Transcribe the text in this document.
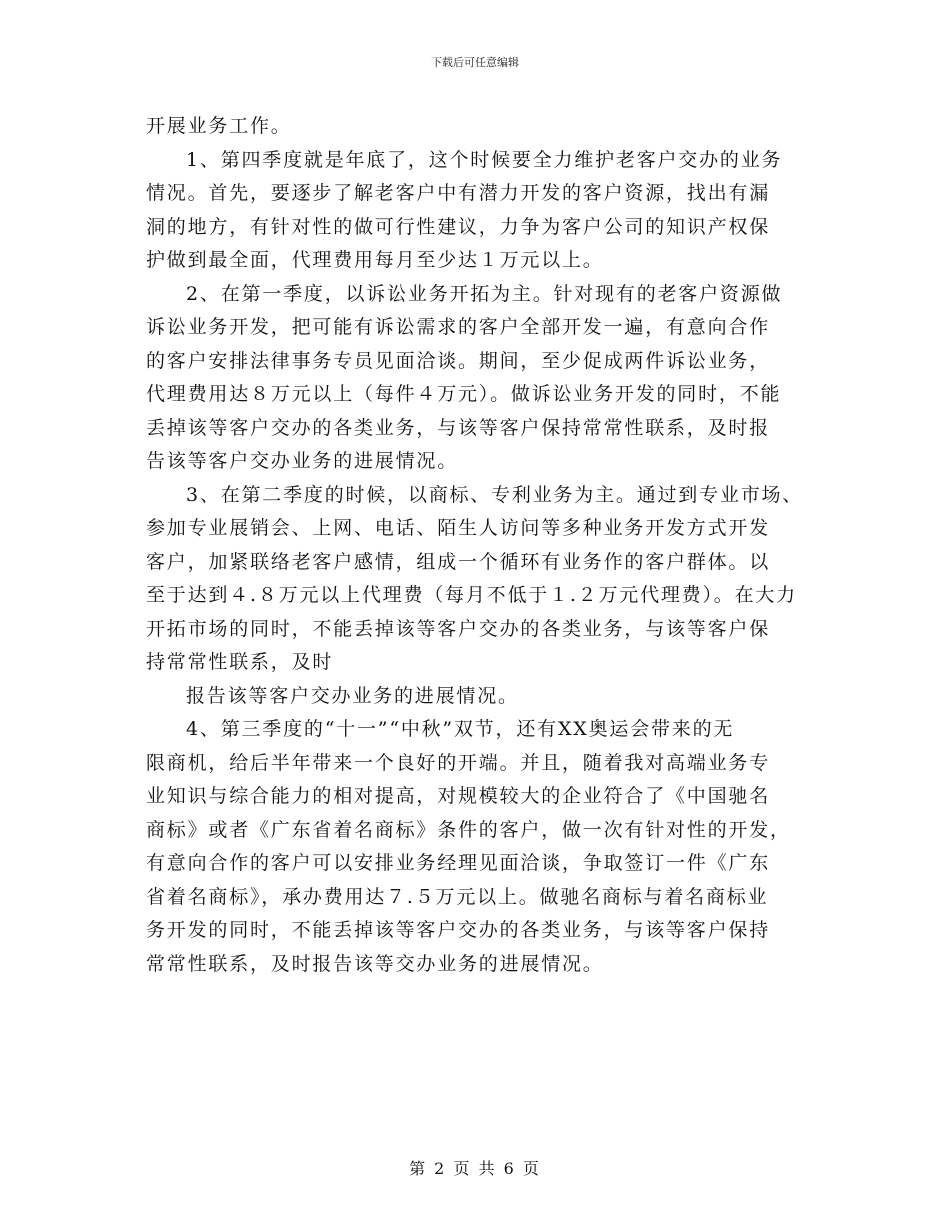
下载后可任意编辑
开展业务工作。
1、第四季度就是年底了，这个时候要全力维护老客户交办的业务
情况。首先，要逐步了解老客户中有潜力开发的客户资源，找出有漏
洞的地方，有针对性的做可行性建议，力争为客户公司的知识产权保
护做到最全面，代理费用每月至少达１万元以上。
2、在第一季度，以诉讼业务开拓为主。针对现有的老客户资源做
诉讼业务开发，把可能有诉讼需求的客户全部开发一遍，有意向合作
的客户安排法律事务专员见面洽谈。期间，至少促成两件诉讼业务，
代理费用达８万元以上（每件４万元）。做诉讼业务开发的同时，不能
丢掉该等客户交办的各类业务，与该等客户保持常常性联系，及时报
告该等客户交办业务的进展情况。
3、在第二季度的时候，以商标、专利业务为主。通过到专业市场、
参加专业展销会、上网、电话、陌生人访问等多种业务开发方式开发
客户，加紧联络老客户感情，组成一个循环有业务作的客户群体。以
至于达到４.８万元以上代理费（每月不低于１.２万元代理费）。在大力
开拓市场的同时，不能丢掉该等客户交办的各类业务，与该等客户保
持常常性联系，及时
报告该等客户交办业务的进展情况。
4、第三季度的“十一”“中秋”双节，还有XX奥运会带来的无
限商机，给后半年带来一个良好的开端。并且，随着我对高端业务专
业知识与综合能力的相对提高，对规模较大的企业符合了《中国驰名
商标》或者《广东省着名商标》条件的客户，做一次有针对性的开发，
有意向合作的客户可以安排业务经理见面洽谈，争取签订一件《广东
省着名商标》，承办费用达７.５万元以上。做驰名商标与着名商标业
务开发的同时，不能丢掉该等客户交办的各类业务，与该等客户保持
常常性联系，及时报告该等交办业务的进展情况。
第 2 页 共 6 页
